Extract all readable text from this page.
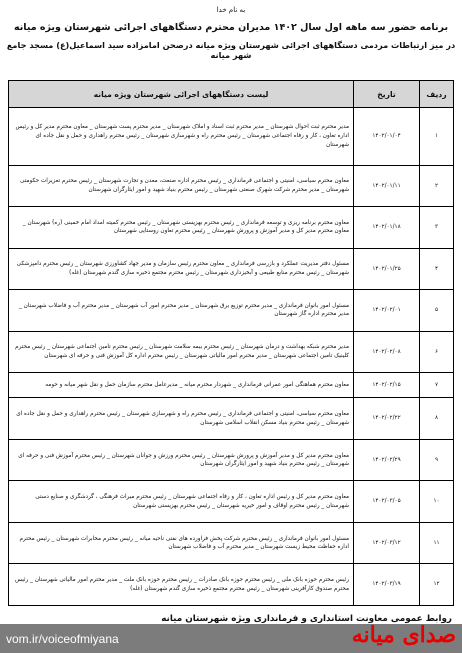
به نام خدا
برنامه حضور سه ماهه اول سال ۱۴۰۲ مدیران محترم دستگاههای اجرائی شهرستان ویژه میانه
در میز ارتباطات مردمی دستگاههای اجرائی شهرستان ویژه میانه درصحن امامزاده سید اسماعیل(ع) مسجد جامع شهر میانه
ردیف	تاریخ	لیست دستگاههای اجرائی شهرستان ویژه میانه
۱	۱۴۰۲/۰۱/۰۴	مدیر محترم ثبت احوال شهرستان _ مدیر محترم ثبت اسناد و املاک شهرستان _ مدیر محترم پست شهرستان _ معاون محترم مدیر کل و رئیس اداره تعاون ، کار و رفاه اجتماعی شهرستان _ رئیس محترم راه و شهرسازی شهرستان _ رئیس محترم راهداری و حمل و نقل جاده ای شهرستان
۲	۱۴۰۲/۰۱/۱۱	معاون محترم سیاسی، امنیتی و اجتماعی فرمانداری _ رئیس محترم اداره صنعت، معدن و تجارت شهرستان _ رئیس محترم تعزیرات حکومتی شهرستان _ مدیر محترم شرکت شهرک صنعتی شهرستان _ رئیس محترم بنیاد شهید و امور ایثارگران شهرستان
۳	۱۴۰۲/۰۱/۱۸	معاون محترم برنامه ریزی و توسعه فرمانداری _ رئیس محترم بهزیستی شهرستان _ رئیس محترم کمیته امداد امام خمینی (ره) شهرستان _ معاون محترم مدیر کل و مدیر آموزش و پرورش شهرستان _ رئیس محترم تعاون روستایی شهرستان
۴	۱۴۰۲/۰۱/۲۵	مسئول دفتر مدیریت عملکرد و بازرسی فرمانداری _ معاون محترم رئیس سازمان و مدیر جهاد کشاورزی شهرستان _ رئیس محترم دامپزشکی شهرستان _ رئیس محترم منابع طبیعی و آبخیزداری شهرستان _ رئیس محترم مجتمع ذخیره سازی گندم شهرستان (غله)
۵	۱۴۰۲/۰۲/۰۱	مسئول امور بانوان فرمانداری _ مدیر محترم توزیع برق شهرستان _ مدیر محترم امور آب شهرستان _ مدیر محترم آب و فاضلاب شهرستان _ مدیر محترم اداره گاز شهرستان
۶	۱۴۰۲/۰۲/۰۸	مدیر محترم شبکه بهداشت و درمان شهرستان _ رئیس محترم بیمه سلامت شهرستان _ رئیس محترم تامین اجتماعی شهرستان _ رئیس محترم کلینیک تامین اجتماعی شهرستان _ مدیر محترم امور مالیاتی شهرستان _ رئیس محترم اداره کل آموزش فنی و حرفه ای شهرستان
۷	۱۴۰۲/۰۲/۱۵	معاون محترم هماهنگی امور عمرانی فرمانداری _ شهردار محترم میانه _ مدیرعامل محترم سازمان حمل و نقل شهر میانه و حومه
۸	۱۴۰۲/۰۲/۲۲	معاون محترم سیاسی، امنیتی و اجتماعی فرمانداری _ رئیس محترم راه و شهرسازی شهرستان _ رئیس محترم راهداری و حمل و نقل جاده ای شهرستان _ رئیس محترم بنیاد مسکن انقلاب اسلامی شهرستان
۹	۱۴۰۲/۰۲/۲۹	معاون محترم مدیر کل و مدیر آموزش و پرورش شهرستان _ رئیس محترم ورزش و جوانان شهرستان _ رئیس محترم آموزش فنی و حرفه ای شهرستان _ رئیس محترم بنیاد شهید و امور ایثارگران شهرستان
۱۰	۱۴۰۲/۰۳/۰۵	معاون محترم مدیر کل و رئیس اداره تعاون ، کار و رفاه اجتماعی شهرستان _ رئیس محترم میراث فرهنگی ، گردشگری و صنایع دستی شهرستان _ رئیس محترم اوقاف و امور خیریه شهرستان _ رئیس محترم بهزیستی شهرستان
۱۱	۱۴۰۲/۰۳/۱۲	مسئول امور بانوان فرمانداری _ رئیس محترم شرکت پخش فراورده های نفتی ناحیه میانه _ رئیس محترم مخابرات شهرستان _ رئیس محترم اداره حفاظت محیط زیست شهرستان _ مدیر محترم آب و فاضلاب شهرستان
۱۲	۱۴۰۲/۰۳/۱۹	رئیس محترم حوزه بانک ملی _ رئیس محترم حوزه بانک صادرات _ رئیس محترم حوزه بانک ملت _ مدیر محترم امور مالیاتی شهرستان _ رئیس محترم صندوق کارآفرینی شهرستان _ رئیس محترم مجتمع ذخیره سازی گندم شهرستان (غله)
روابط عمومی معاونت استانداری و فرمانداری ویژه شهرستان میانه
vom.ir/voiceofmiyana	صدای میانه
